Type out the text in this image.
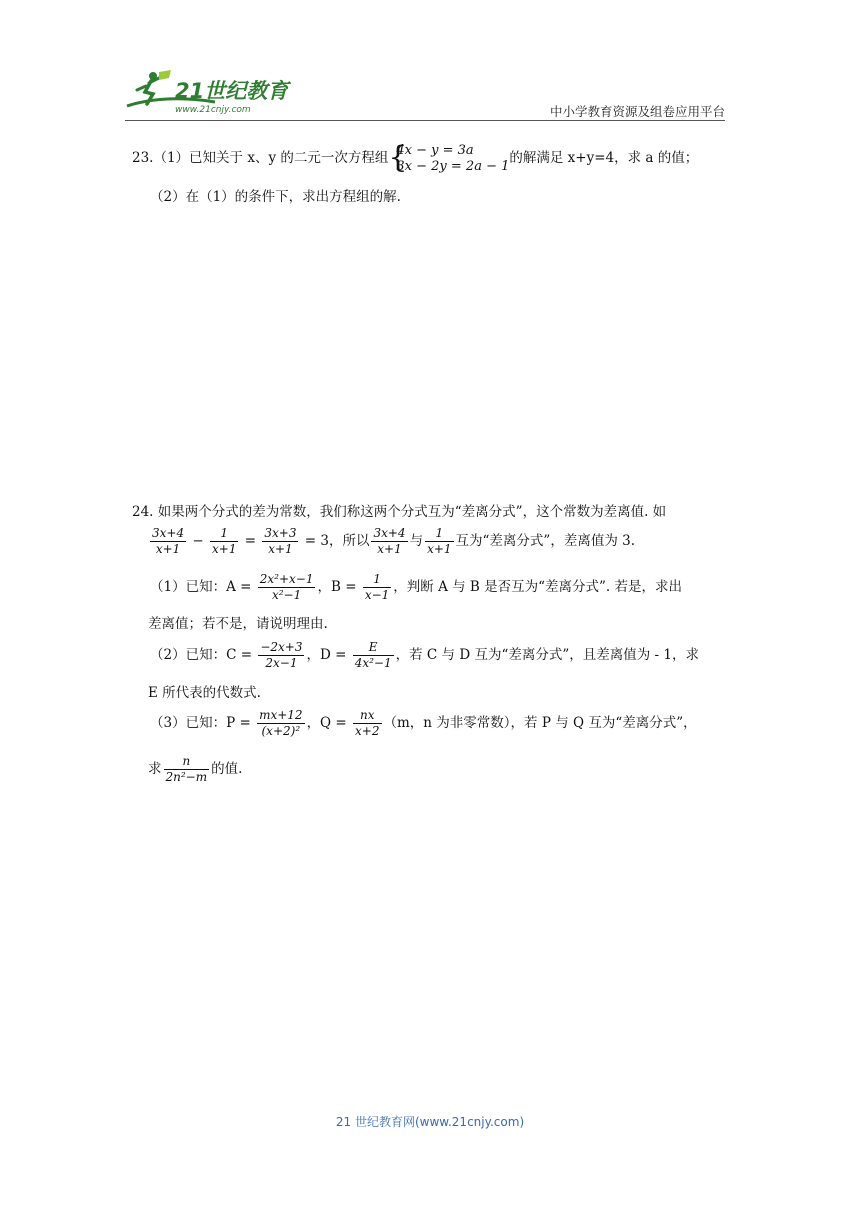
21世纪教育
www.21cnjy.com	中小学教育资源及组卷应用平台
23.（1）已知关于 x、y 的二元一次方程组 {
4x − y = 3a
3x − 2y = 2a − 1 的解满足 x+y=4，求 a 的值；
（2）在（1）的条件下，求出方程组的解.
24. 如果两个分式的差为常数，我们称这两个分式互为“差离分式”，这个常数为差离值. 如
$\frac{3x+4}{x+1} - \frac{1}{x+1} = \frac{3x+3}{x+1} = 3$，所以 $\frac{3x+4}{x+1}$ 与 $\frac{1}{x+1}$ 互为“差离分式”，差离值为 3.
（1）已知：$A = \frac{\text{2x²+x−1}}{\text{x²−1}}$ ，$B = \frac{1}{x-1}$ ，判断 A 与 B 是否互为“差离分式”. 若是，求出
差离值；若不是，请说明理由.
（2）已知：$C = \frac{-2x+3}{2x-1}$ ，$D = \frac{E}{\text{4x²−1}}$ ，若 C 与 D 互为“差离分式”，且差离值为 - 1，求
E 所代表的代数式.
（3）已知：$P = \frac{mx+12}{\text{(x+2)²}}$ ，$Q = \frac{nx}{x+2} (m$，n 为非零常数），若 P 与 Q 互为“差离分式”，
求 $\frac{n}{\text{2n²−m}}$ 的值.
21 世纪教育网(www.21cnjy.com)
